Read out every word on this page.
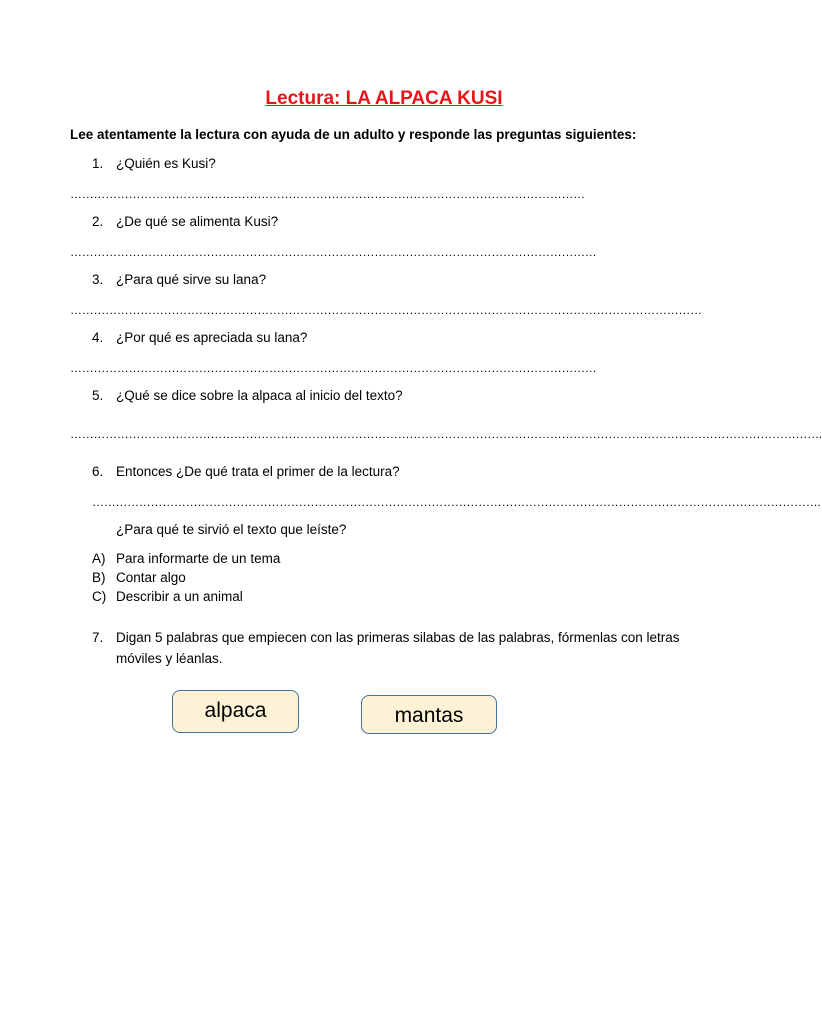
Lectura: LA ALPACA KUSI
Lee atentamente la lectura con ayuda de un adulto y responde las preguntas siguientes:
1. ¿Quién es Kusi?
……………………………………………………………………………………………………………………
2. ¿De qué se alimenta Kusi?
………………………………………………………………………………………………………………………
3. ¿Para qué sirve su lana?
………………………………………………………………………………………………………………………………………………
4. ¿Por qué es apreciada su lana?
………………………………………………………………………………………………………………………
5. ¿Qué se dice sobre la alpaca al inicio del texto?
………………………………………………………………………………………………………………………………………………………………………….
6. Entonces ¿De qué trata el primer de la lectura?
…………………………………………………………………………………………………………………………………………………………………….
¿Para qué te sirvió el texto que leíste?
A) Para informarte de un tema
B) Contar algo
C) Describir a un animal
7. Digan 5 palabras que empiecen con las primeras silabas de las palabras, fórmenlas con letras móviles y léanlas.
alpaca	mantas
